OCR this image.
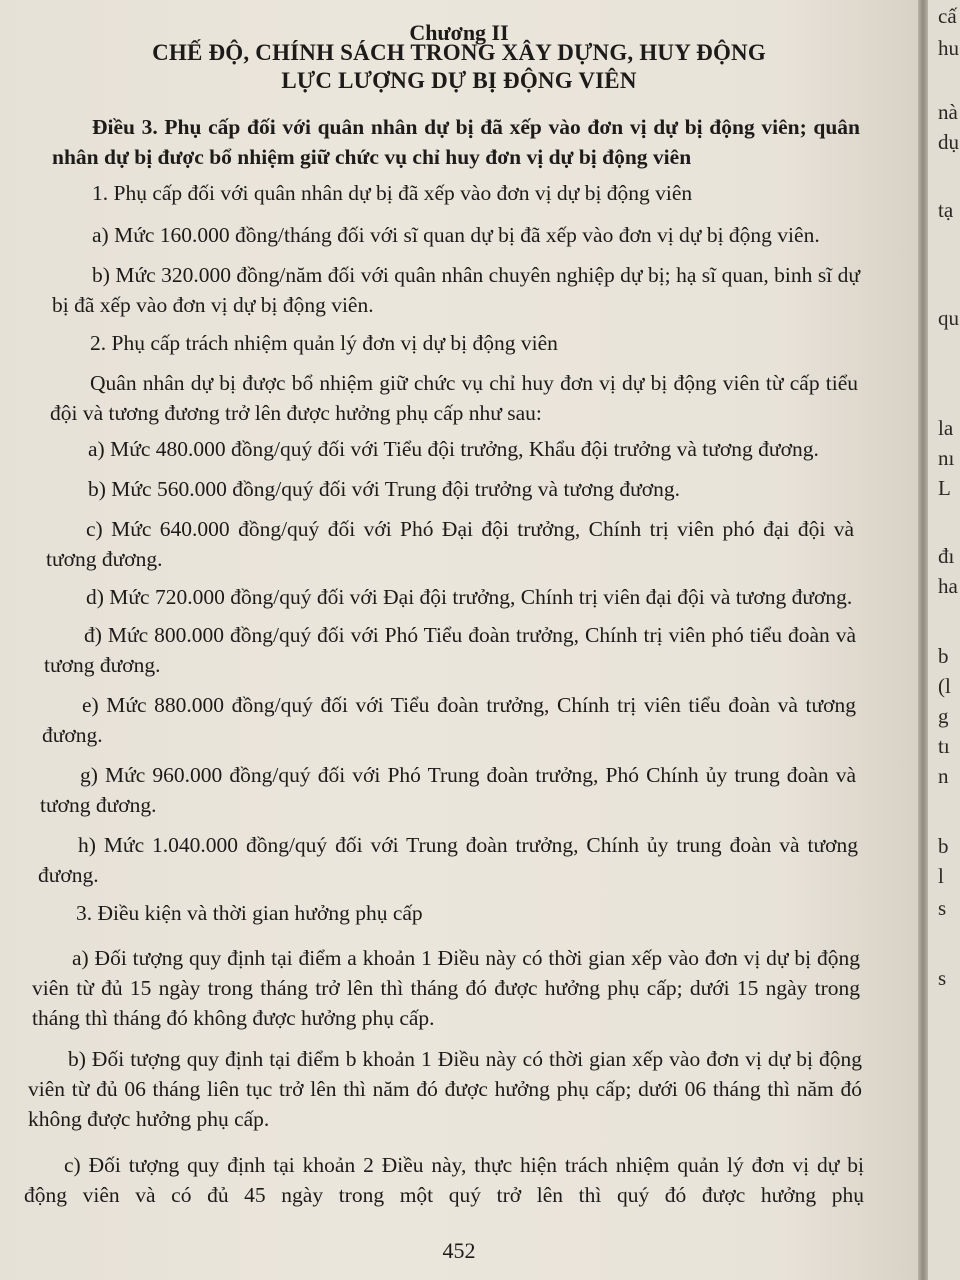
Chương II
CHẾ ĐỘ, CHÍNH SÁCH TRONG XÂY DỰNG, HUY ĐỘNG
LỰC LƯỢNG DỰ BỊ ĐỘNG VIÊN
Điều 3. Phụ cấp đối với quân nhân dự bị đã xếp vào đơn vị dự bị động viên; quân nhân dự bị được bổ nhiệm giữ chức vụ chỉ huy đơn vị dự bị động viên
1. Phụ cấp đối với quân nhân dự bị đã xếp vào đơn vị dự bị động viên
a) Mức 160.000 đồng/tháng đối với sĩ quan dự bị đã xếp vào đơn vị dự bị động viên.
b) Mức 320.000 đồng/năm đối với quân nhân chuyên nghiệp dự bị; hạ sĩ quan, binh sĩ dự bị đã xếp vào đơn vị dự bị động viên.
2. Phụ cấp trách nhiệm quản lý đơn vị dự bị động viên
Quân nhân dự bị được bổ nhiệm giữ chức vụ chỉ huy đơn vị dự bị động viên từ cấp tiểu đội và tương đương trở lên được hưởng phụ cấp như sau:
a) Mức 480.000 đồng/quý đối với Tiểu đội trưởng, Khẩu đội trưởng và tương đương.
b) Mức 560.000 đồng/quý đối với Trung đội trưởng và tương đương.
c) Mức 640.000 đồng/quý đối với Phó Đại đội trưởng, Chính trị viên phó đại đội và tương đương.
d) Mức 720.000 đồng/quý đối với Đại đội trưởng, Chính trị viên đại đội và tương đương.
đ) Mức 800.000 đồng/quý đối với Phó Tiểu đoàn trưởng, Chính trị viên phó tiểu đoàn và tương đương.
e) Mức 880.000 đồng/quý đối với Tiểu đoàn trưởng, Chính trị viên tiểu đoàn và tương đương.
g) Mức 960.000 đồng/quý đối với Phó Trung đoàn trưởng, Phó Chính ủy trung đoàn và tương đương.
h) Mức 1.040.000 đồng/quý đối với Trung đoàn trưởng, Chính ủy trung đoàn và tương đương.
3. Điều kiện và thời gian hưởng phụ cấp
a) Đối tượng quy định tại điểm a khoản 1 Điều này có thời gian xếp vào đơn vị dự bị động viên từ đủ 15 ngày trong tháng trở lên thì tháng đó được hưởng phụ cấp; dưới 15 ngày trong tháng thì tháng đó không được hưởng phụ cấp.
b) Đối tượng quy định tại điểm b khoản 1 Điều này có thời gian xếp vào đơn vị dự bị động viên từ đủ 06 tháng liên tục trở lên thì năm đó được hưởng phụ cấp; dưới 06 tháng thì năm đó không được hưởng phụ cấp.
c) Đối tượng quy định tại khoản 2 Điều này, thực hiện trách nhiệm quản lý đơn vị dự bị động viên và có đủ 45 ngày trong một quý trở lên thì quý đó được hưởng phụ
452
cấ
hu
nà
dụ
tạ
qu
la
nı
L
đı
ha
b
(l
g
tı
n
b
l
s
s
